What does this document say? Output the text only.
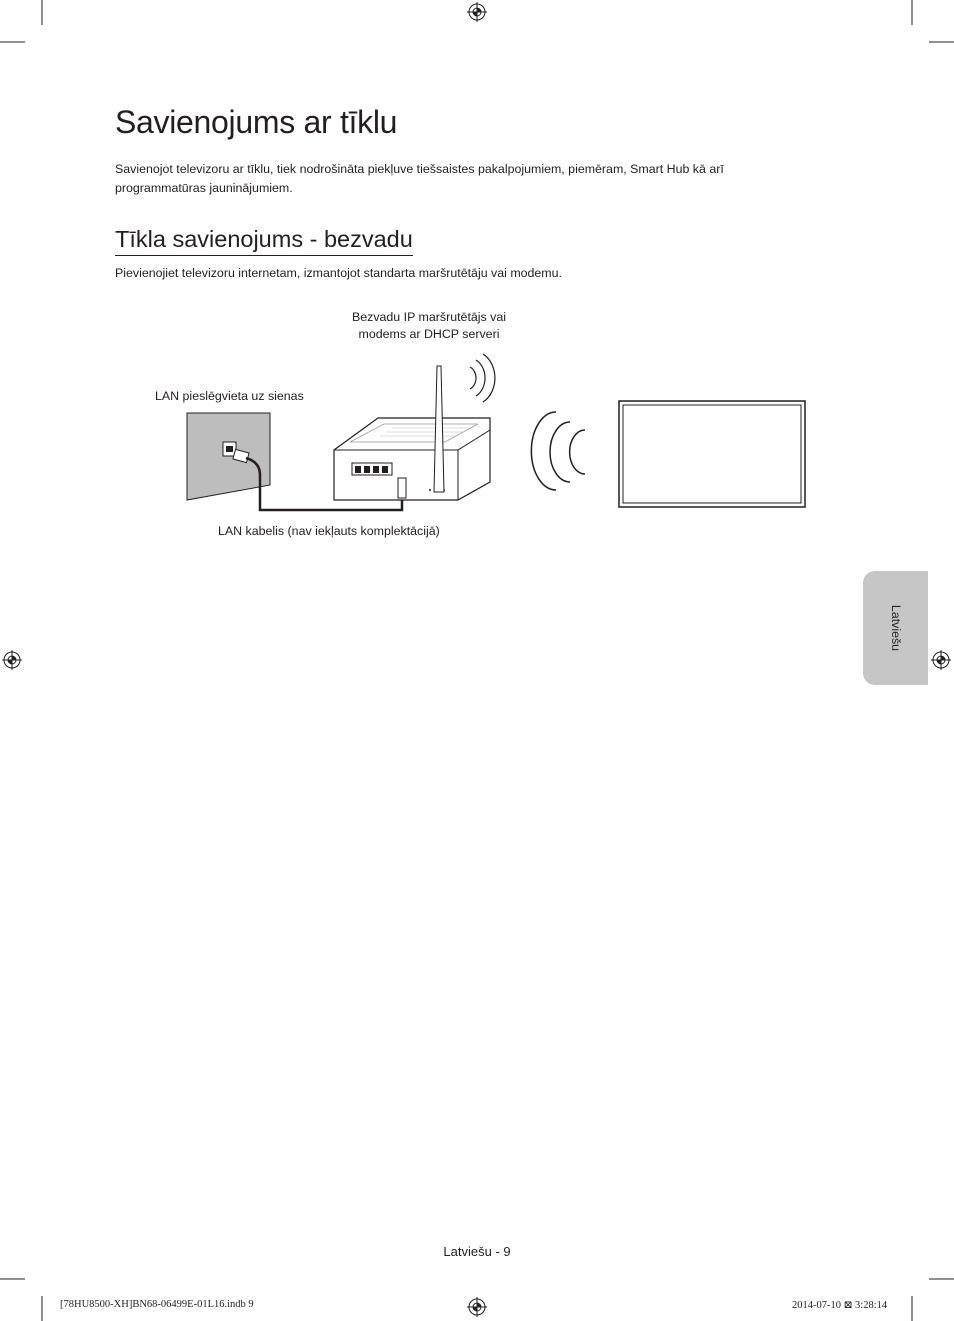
Savienojums ar tīklu

Savienojot televizoru ar tīklu, tiek nodrošināta piekļuve tiešsaistes pakalpojumiem, piemēram, Smart Hub kā arī programmatūras jauninājumiem.

Tīkla savienojums - bezvadu

Pievienojiet televizoru internetam, izmantojot standarta maršrutētāju vai modemu.

Bezvadu IP maršrutētājs vai
modems ar DHCP serveri
LAN pieslēgvieta uz sienas
LAN kabelis (nav iekļauts komplektācijā)
Latviešu
Latviešu - 9
[78HU8500-XH]BN68-06499E-01L16.indb 9	2014-07-10 ⊠ 3:28:14
